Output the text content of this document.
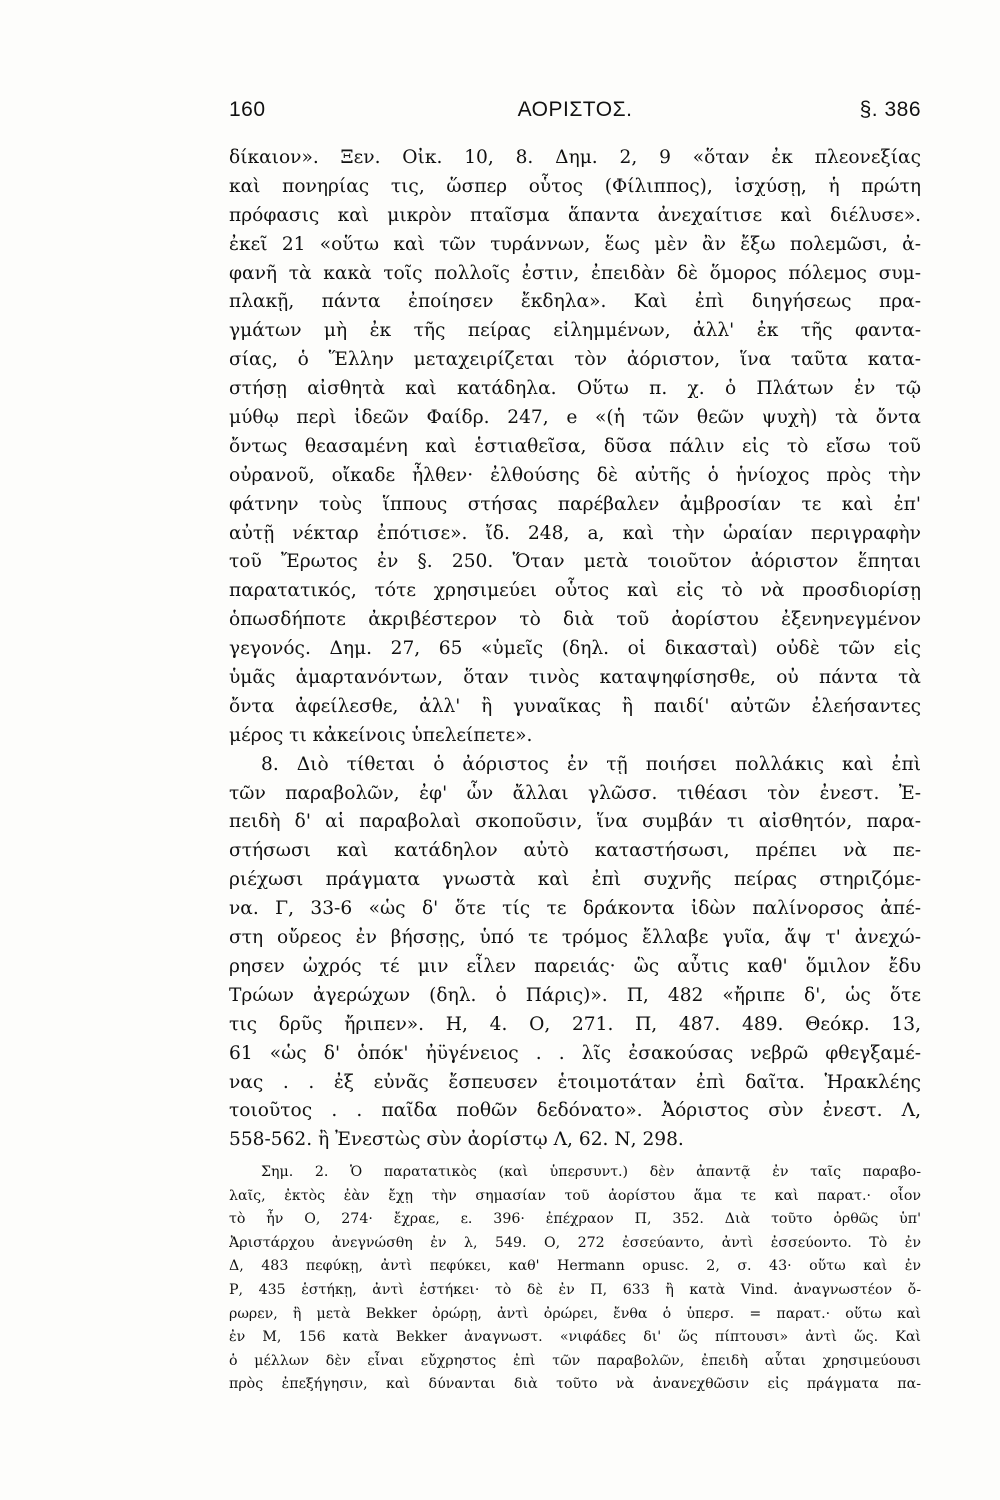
160	ΑΟΡΙΣΤΟΣ.	§. 386
δίκαιον». Ξεν. Οἰκ. 10, 8. Δημ. 2, 9 «ὅταν ἐκ πλεονεξίας
καὶ πονηρίας τις, ὥσπερ οὗτος (Φίλιππος), ἰσχύσῃ, ἡ πρώτη
πρόφασις καὶ μικρὸν πταῖσμα ἅπαντα ἀνεχαίτισε καὶ διέλυσε».
ἐκεῖ 21 «οὕτω καὶ τῶν τυράννων, ἕως μὲν ἂν ἔξω πολεμῶσι, ἀ-
φανῆ τὰ κακὰ τοῖς πολλοῖς ἐστιν, ἐπειδὰν δὲ ὅμορος πόλεμος συμ-
πλακῇ, πάντα ἐποίησεν ἔκδηλα». Καὶ ἐπὶ διηγήσεως πρα-
γμάτων μὴ ἐκ τῆς πείρας εἰλημμένων, ἀλλ' ἐκ τῆς φαντα-
σίας, ὁ Ἕλλην μεταχειρίζεται τὸν ἀόριστον, ἵνα ταῦτα κατα-
στήσῃ αἰσθητὰ καὶ κατάδηλα. Οὕτω π. χ. ὁ Πλάτων ἐν τῷ
μύθῳ περὶ ἰδεῶν Φαίδρ. 247, e «(ἡ τῶν θεῶν ψυχὴ) τὰ ὄντα
ὄντως θεασαμένη καὶ ἑστιαθεῖσα, δῦσα πάλιν εἰς τὸ εἴσω τοῦ
οὐρανοῦ, οἴκαδε ἦλθεν· ἐλθούσης δὲ αὐτῆς ὁ ἡνίοχος πρὸς τὴν
φάτνην τοὺς ἵππους στήσας παρέβαλεν ἀμβροσίαν τε καὶ ἐπ'
αὐτῇ νέκταρ ἐπότισε». ἴδ. 248, a, καὶ τὴν ὡραίαν περιγραφὴν
τοῦ Ἔρωτος ἐν §. 250. Ὅταν μετὰ τοιοῦτον ἀόριστον ἕπηται
παρατατικός, τότε χρησιμεύει οὗτος καὶ εἰς τὸ νὰ προσδιορίσῃ
ὁπωσδήποτε ἀκριβέστερον τὸ διὰ τοῦ ἀορίστου ἐξενηνεγμένον
γεγονός. Δημ. 27, 65 «ὑμεῖς (δηλ. οἱ δικασταὶ) οὐδὲ τῶν εἰς
ὑμᾶς ἁμαρτανόντων, ὅταν τινὸς καταψηφίσησθε, οὐ πάντα τὰ
ὄντα ἀφείλεσθε, ἀλλ' ἢ γυναῖκας ἢ παιδί' αὐτῶν ἐλεήσαντες
μέρος τι κἀκείνοις ὑπελείπετε».
8. Διὸ τίθεται ὁ ἀόριστος ἐν τῇ ποιήσει πολλάκις καὶ ἐπὶ
τῶν παραβολῶν, ἐφ' ὧν ἄλλαι γλῶσσ. τιθέασι τὸν ἐνεστ. Ἐ-
πειδὴ δ' αἱ παραβολαὶ σκοποῦσιν, ἵνα συμβάν τι αἰσθητόν, παρα-
στήσωσι καὶ κατάδηλον αὐτὸ καταστήσωσι, πρέπει νὰ πε-
ριέχωσι πράγματα γνωστὰ καὶ ἐπὶ συχνῆς πείρας στηριζόμε-
να. Γ, 33-6 «ὡς δ' ὅτε τίς τε δράκοντα ἰδὼν παλίνορσος ἀπέ-
στη οὔρεος ἐν βήσσῃς, ὑπό τε τρόμος ἔλλαβε γυῖα, ἄψ τ' ἀνεχώ-
ρησεν ὠχρός τέ μιν εἷλεν παρειάς· ὣς αὖτις καθ' ὅμιλον ἔδυ
Τρώων ἀγερώχων (δηλ. ὁ Πάρις)». Π, 482 «ἤριπε δ', ὡς ὅτε
τις δρῦς ἤριπεν». Η, 4. Ο, 271. Π, 487. 489. Θεόκρ. 13,
61 «ὡς δ' ὁπόκ' ἠϋγένειος . . λῖς ἐσακούσας νεβρῶ φθεγξαμέ-
νας . . ἐξ εὐνᾶς ἔσπευσεν ἑτοιμοτάταν ἐπὶ δαῖτα. Ἡρακλέης
τοιοῦτος . . παῖδα ποθῶν δεδόνατο». Ἀόριστος σὺν ἐνεστ. Λ,
558-562. ἢ Ἐνεστὼς σὺν ἀορίστῳ Λ, 62. Ν, 298.
Σημ. 2. Ὁ παρατατικὸς (καὶ ὑπερσυντ.) δὲν ἀπαντᾷ ἐν ταῖς παραβο-
λαῖς, ἐκτὸς ἐὰν ἔχῃ τὴν σημασίαν τοῦ ἀορίστου ἅμα τε καὶ παρατ.· οἷον
τὸ ἦν Ο, 274· ἔχραε, ε. 396· ἐπέχραον Π, 352. Διὰ τοῦτο ὀρθῶς ὑπ'
Ἀριστάρχου ἀνεγνώσθη ἐν λ, 549. Ο, 272 ἐσσεύαντο, ἀντὶ ἐσσεύοντο. Τὸ ἐν
Δ, 483 πεφύκῃ, ἀντὶ πεφύκει, καθ' Hermann opusc. 2, σ. 43· οὕτω καὶ ἐν
Ρ, 435 ἑστήκῃ, ἀντὶ ἑστήκει· τὸ δὲ ἐν Π, 633 ἢ κατὰ Vind. ἀναγνωστέον ὄ-
ρωρεν, ἢ μετὰ Bekker ὀρώρῃ, ἀντὶ ὀρώρει, ἔνθα ὁ ὑπερσ. = παρατ.· οὕτω καὶ
ἐν Μ, 156 κατὰ Bekker ἀναγνωστ. «νιφάδες δι' ὥς πίπτουσι» ἀντὶ ὥς. Καὶ
ὁ μέλλων δὲν εἶναι εὔχρηστος ἐπὶ τῶν παραβολῶν, ἐπειδὴ αὗται χρησιμεύουσι
πρὸς ἐπεξήγησιν, καὶ δύνανται διὰ τοῦτο νὰ ἀνανεχθῶσιν εἰς πράγματα πα-
